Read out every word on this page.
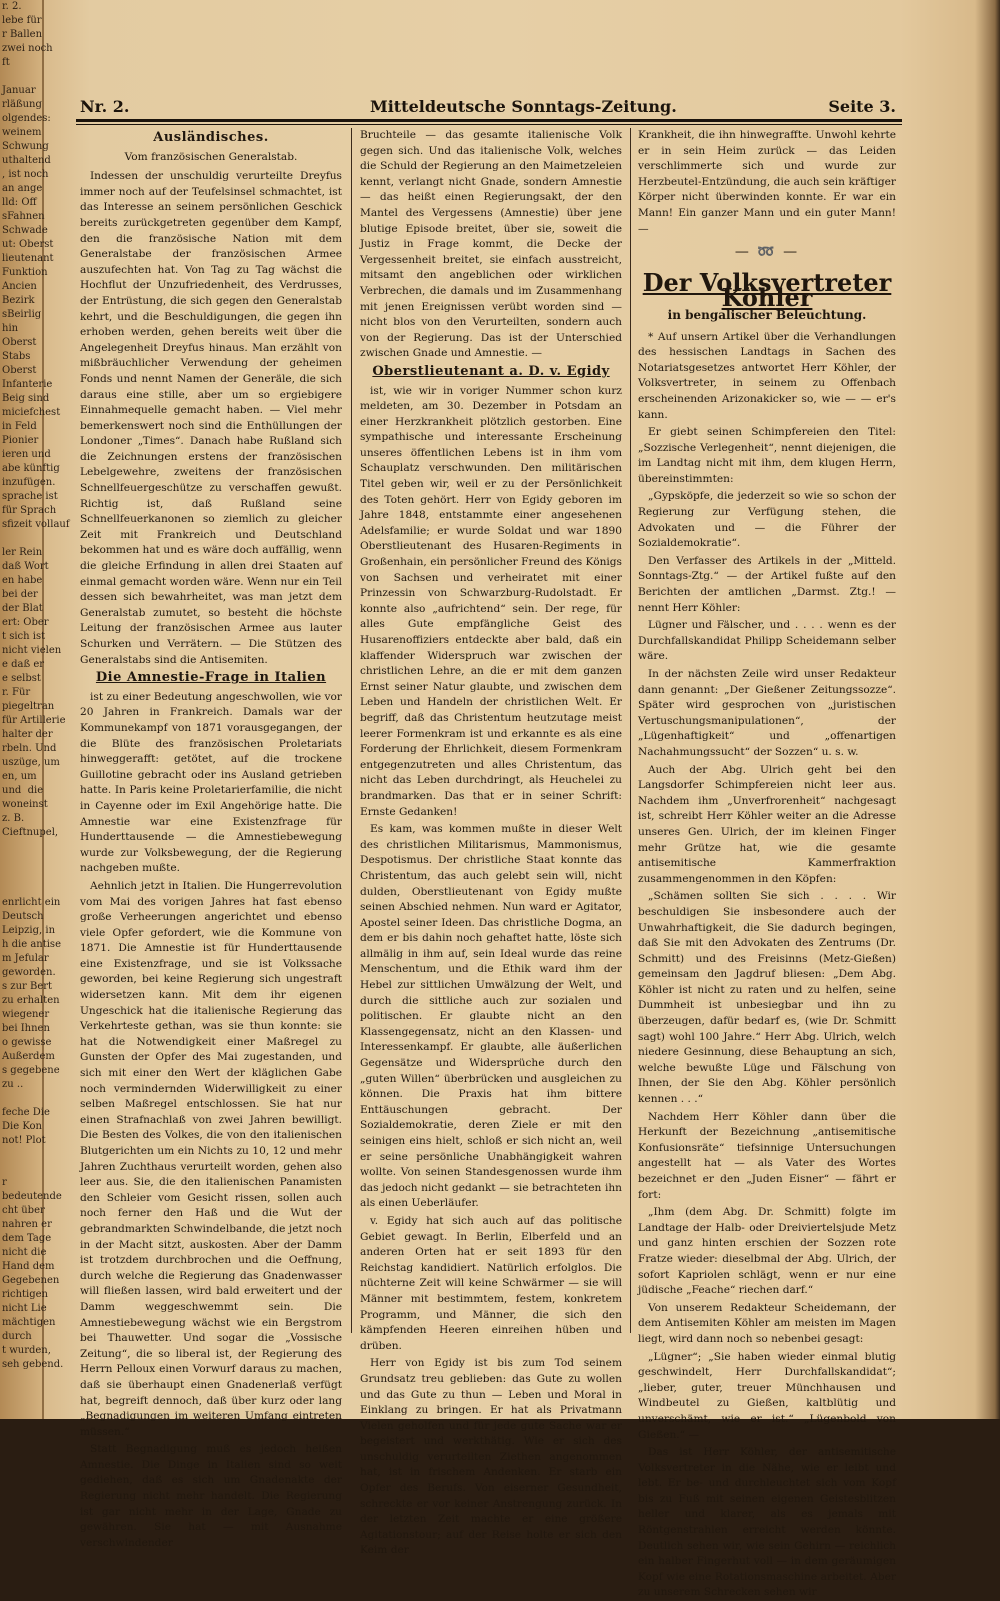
r. 2.
lebe für
r Ballen
zwei noch
ft

Januar
rläßung
olgendes:
weinem
Schwung
uthaltend
, ist noch
an ange
lld: Off
sFahnen
Schwade
ut: Oberst
lieutenant
Funktion
Ancien
Bezirk
sBeirlig
hin
Oberst
Stabs
Oberst
Infanterie
Beig sind
miciefchest
in Feld
Pionier
ieren und
abe künftig
inzufügen.
sprache ist
für Sprach
sfizeit vollauf

ler Rein
daß Wort
en habe
bei der
der Blat
ert: Ober
t sich ist
nicht vielen
e daß er
e selbst
r. Für
piegeltran
für Artillerie
halter der
rbeln. Und
uszüge, um
en, um
und  die
woneinst
z. B.
Cieftnupel,

enrlicht ein
Deutsch
Leipzig, in
h die antise
m Jefular
geworden.
s zur Bert
zu erhalten
wiegener
bei Ihnen
o gewisse
Außerdem
s gegebene
zu ..

feche Die
Die Kon
not! Plot

r
bedeutende
cht über
nahren er
dem Tage
nicht die
Hand dem
Gegebenen
richtigen
nicht Lie
mächtigen
durch
t wurden,
seh gebend.
Nr. 2.	Mitteldeutsche Sonntags-Zeitung.	Seite 3.
Ausländisches.
Vom französischen Generalstab.

Indessen der unschuldig verurteilte Dreyfus immer noch auf der Teufelsinsel schmachtet, ist das Interesse an seinem persönlichen Geschick bereits zurückgetreten gegenüber dem Kampf, den die französische Nation mit dem Generalstabe der französischen Armee auszufechten hat. Von Tag zu Tag wächst die Hochflut der Unzufriedenheit, des Verdrusses, der Entrüstung, die sich gegen den Generalstab kehrt, und die Beschuldigungen, die gegen ihn erhoben werden, gehen bereits weit über die Angelegenheit Dreyfus hinaus. Man erzählt von mißbräuchlicher Verwendung der geheimen Fonds und nennt Namen der Generäle, die sich daraus eine stille, aber um so ergiebigere Einnahmequelle gemacht haben. — Viel mehr bemerkenswert noch sind die Enthüllungen der Londoner „Times“. Danach habe Rußland sich die Zeichnungen erstens der französischen Lebelgewehre, zweitens der französischen Schnellfeuergeschütze zu verschaffen gewußt. Richtig ist, daß Rußland seine Schnellfeuerkanonen so ziemlich zu gleicher Zeit mit Frankreich und Deutschland bekommen hat und es wäre doch auffällig, wenn die gleiche Erfindung in allen drei Staaten auf einmal gemacht worden wäre. Wenn nur ein Teil dessen sich bewahrheitet, was man jetzt dem Generalstab zumutet, so besteht die höchste Leitung der französischen Armee aus lauter Schurken und Verrätern. — Die Stützen des Generalstabs sind die Antisemiten.

Die Amnestie-Frage in Italien

ist zu einer Bedeutung angeschwollen, wie vor 20 Jahren in Frankreich. Damals war der Kommunekampf von 1871 vorausgegangen, der die Blüte des französischen Proletariats hinweggerafft: getötet, auf die trockene Guillotine gebracht oder ins Ausland getrieben hatte. In Paris keine Proletarierfamilie, die nicht in Cayenne oder im Exil Angehörige hatte. Die Amnestie war eine Existenzfrage für Hunderttausende — die Amnestiebewegung wurde zur Volksbewegung, der die Regierung nachgeben mußte.

Aehnlich jetzt in Italien. Die Hungerrevolution vom Mai des vorigen Jahres hat fast ebenso große Verheerungen angerichtet und ebenso viele Opfer gefordert, wie die Kommune von 1871. Die Amnestie ist für Hunderttausende eine Existenzfrage, und sie ist Volkssache geworden, bei keine Regierung sich ungestraft widersetzen kann. Mit dem ihr eigenen Ungeschick hat die italienische Regierung das Verkehrteste gethan, was sie thun konnte: sie hat die Notwendigkeit einer Maßregel zu Gunsten der Opfer des Mai zugestanden, und sich mit einer den Wert der kläglichen Gabe noch vermindernden Widerwilligkeit zu einer selben Maßregel entschlossen. Sie hat nur einen Strafnachlaß von zwei Jahren bewilligt. Die Besten des Volkes, die von den italienischen Blutgerichten um ein Nichts zu 10, 12 und mehr Jahren Zuchthaus verurteilt worden, gehen also leer aus. Sie, die den italienischen Panamisten den Schleier vom Gesicht rissen, sollen auch noch ferner den Haß und die Wut der gebrandmarkten Schwindelbande, die jetzt noch in der Macht sitzt, auskosten. Aber der Damm ist trotzdem durchbrochen und die Oeffnung, durch welche die Regierung das Gnadenwasser will fließen lassen, wird bald erweitert und der Damm weggeschwemmt sein. Die Amnestiebewegung wächst wie ein Bergstrom bei Thauwetter. Und sogar die „Vossische Zeitung“, die so liberal ist, der Regierung des Herrn Pelloux einen Vorwurf daraus zu machen, daß sie überhaupt einen Gnadenerlaß verfügt hat, begreift dennoch, daß über kurz oder lang „Begnadigungen im weiteren Umfang eintreten müssen.“

Statt Begnadigung muß es jedoch heißen Amnestie. Die Dinge in Italien sind so weit gediehen, daß es sich um Gnadenakte der Regierung nicht mehr handelt. Die Regierung ist gar nicht mehr in der Lage, Gnade zu gewähren. Sie hat — mit Ausnahme verschwindender

Bruchteile — das gesamte italienische Volk gegen sich. Und das italienische Volk, welches die Schuld der Regierung an den Maimetzeleien kennt, verlangt nicht Gnade, sondern Amnestie — das heißt einen Regierungsakt, der den Mantel des Vergessens (Amnestie) über jene blutige Episode breitet, über sie, soweit die Justiz in Frage kommt, die Decke der Vergessenheit breitet, sie einfach ausstreicht, mitsamt den angeblichen oder wirklichen Verbrechen, die damals und im Zusammenhang mit jenen Ereignissen verübt worden sind — nicht blos von den Verurteilten, sondern auch von der Regierung. Das ist der Unterschied zwischen Gnade und Amnestie. —

Oberstlieutenant a. D. v. Egidy

ist, wie wir in voriger Nummer schon kurz meldeten, am 30. Dezember in Potsdam an einer Herzkrankheit plötzlich gestorben. Eine sympathische und interessante Erscheinung unseres öffentlichen Lebens ist in ihm vom Schauplatz verschwunden. Den militärischen Titel geben wir, weil er zu der Persönlichkeit des Toten gehört. Herr von Egidy geboren im Jahre 1848, entstammte einer angesehenen Adelsfamilie; er wurde Soldat und war 1890 Oberstlieutenant des Husaren-Regiments in Großenhain, ein persönlicher Freund des Königs von Sachsen und verheiratet mit einer Prinzessin von Schwarzburg-Rudolstadt. Er konnte also „aufrichtend“ sein. Der rege, für alles Gute empfängliche Geist des Husarenoffiziers entdeckte aber bald, daß ein klaffender Widerspruch war zwischen der christlichen Lehre, an die er mit dem ganzen Ernst seiner Natur glaubte, und zwischen dem Leben und Handeln der christlichen Welt. Er begriff, daß das Christentum heutzutage meist leerer Formenkram ist und erkannte es als eine Forderung der Ehrlichkeit, diesem Formenkram entgegenzutreten und alles Christentum, das nicht das Leben durchdringt, als Heuchelei zu brandmarken. Das that er in seiner Schrift: Ernste Gedanken!

Es kam, was kommen mußte in dieser Welt des christlichen Militarismus, Mammonismus, Despotismus. Der christliche Staat konnte das Christentum, das auch gelebt sein will, nicht dulden, Oberstlieutenant von Egidy mußte seinen Abschied nehmen. Nun ward er Agitator, Apostel seiner Ideen. Das christliche Dogma, an dem er bis dahin noch gehaftet hatte, löste sich allmälig in ihm auf, sein Ideal wurde das reine Menschentum, und die Ethik ward ihm der Hebel zur sittlichen Umwälzung der Welt, und durch die sittliche auch zur sozialen und politischen. Er glaubte nicht an den Klassengegensatz, nicht an den Klassen- und Interessenkampf. Er glaubte, alle äußerlichen Gegensätze und Widersprüche durch den „guten Willen“ überbrücken und ausgleichen zu können. Die Praxis hat ihm bittere Enttäuschungen gebracht. Der Sozialdemokratie, deren Ziele er mit den seinigen eins hielt, schloß er sich nicht an, weil er seine persönliche Unabhängigkeit wahren wollte. Von seinen Standesgenossen wurde ihm das jedoch nicht gedankt — sie betrachteten ihn als einen Ueberläufer.

v. Egidy hat sich auch auf das politische Gebiet gewagt. In Berlin, Elberfeld und an anderen Orten hat er seit 1893 für den Reichstag kandidiert. Natürlich erfolglos. Die nüchterne Zeit will keine Schwärmer — sie will Männer mit bestimmtem, festem, konkretem Programm, und Männer, die sich den kämpfenden Heeren einreihen hüben und drüben.

Herr von Egidy ist bis zum Tod seinem Grundsatz treu geblieben: das Gute zu wollen und das Gute zu thun — Leben und Moral in Einklang zu bringen. Er hat als Privatmann Vielen geholfen und für jede gute Sache war er begeistert und werkthätig. Wie er sich des unschuldig verurteilten Ziethen angenommen hat, ist in frischem Andenken. Er starb ein Opfer des Berufs. Von eiserner Gesundheit, schreckte er vor keiner Anstrengung zurück. In der letzten Zeit machte er eine größere Agitationstour; auf der Reise holte er sich den Keim der

Krankheit, die ihn hinwegraffte. Unwohl kehrte er in sein Heim zurück — das Leiden verschlimmerte sich und wurde zur Herzbeutel-Entzündung, die auch sein kräftiger Körper nicht überwinden konnte. Er war ein Mann! Ein ganzer Mann und ein guter Mann! —

— ➿ —
Der Volksvertreter Köhler
in bengalischer Beleuchtung.

* Auf unsern Artikel über die Verhandlungen des hessischen Landtags in Sachen des Notariatsgesetzes antwortet Herr Köhler, der Volksvertreter, in seinem zu Offenbach erscheinenden Arizonakicker so, wie — — er's kann.

Er giebt seinen Schimpfereien den Titel: „Sozzische Verlegenheit“, nennt diejenigen, die im Landtag nicht mit ihm, dem klugen Herrn, übereinstimmten:

„Gypsköpfe, die jederzeit so wie so schon der Regierung zur Verfügung stehen, die Advokaten und — die Führer der Sozialdemokratie“.

Den Verfasser des Artikels in der „Mitteld. Sonntags-Ztg.“ — der Artikel fußte auf den Berichten der amtlichen „Darmst. Ztg.! — nennt Herr Köhler:

Lügner und Fälscher, und . . . . wenn es der Durchfallskandidat Philipp Scheidemann selber wäre.

In der nächsten Zeile wird unser Redakteur dann genannt: „Der Gießener Zeitungssozze“. Später wird gesprochen von „juristischen Vertuschungsmanipulationen“, der „Lügenhaftigkeit“ und „offenartigen Nachahmungssucht“ der Sozzen“ u. s. w.

Auch der Abg. Ulrich geht bei den Langsdorfer Schimpfereien nicht leer aus. Nachdem ihm „Unverfrorenheit“ nachgesagt ist, schreibt Herr Köhler weiter an die Adresse unseres Gen. Ulrich, der im kleinen Finger mehr Grütze hat, wie die gesamte antisemitische Kammerfraktion zusammengenommen in den Köpfen:

„Schämen sollten Sie sich . . . . Wir beschuldigen Sie insbesondere auch der Unwahrhaftigkeit, die Sie dadurch begingen, daß Sie mit den Advokaten des Zentrums (Dr. Schmitt) und des Freisinns (Metz-Gießen) gemeinsam den Jagdruf bliesen: „Dem Abg. Köhler ist nicht zu raten und zu helfen, seine Dummheit ist unbesiegbar und ihn zu überzeugen, dafür bedarf es, (wie Dr. Schmitt sagt) wohl 100 Jahre.“ Herr Abg. Ulrich, welch niedere Gesinnung, diese Behauptung an sich, welche bewußte Lüge und Fälschung von Ihnen, der Sie den Abg. Köhler persönlich kennen . . .“

Nachdem Herr Köhler dann über die Herkunft der Bezeichnung „antisemitische Konfusionsräte“ tiefsinnige Untersuchungen angestellt hat — als Vater des Wortes bezeichnet er den „Juden Eisner“ — fährt er fort:

„Ihm (dem Abg. Dr. Schmitt) folgte im Landtage der Halb- oder Dreiviertelsjude Metz und ganz hinten erschien der Sozzen rote Fratze wieder: dieselbmal der Abg. Ulrich, der sofort Kapriolen schlägt, wenn er nur eine jüdische „Feache“ riechen darf.“

Von unserem Redakteur Scheidemann, der dem Antisemiten Köhler am meisten im Magen liegt, wird dann noch so nebenbei gesagt:

„Lügner“; „Sie haben wieder einmal blutig geschwindelt, Herr Durchfallskandidat“; „lieber, guter, treuer Münchhausen und Windbeutel zu Gießen, kaltblütig und unverschämt, wie er ist.“ „Lügenbold von Gießen.“ —

Das ist Herr Köhler, der antisemitische Volksvertreter in die Nähe, wie er leibt und lebt. Er be- und durchleuchtet sich vom Kopf bis zu Fuß mit seinen eigenen Geistesblitzen heller und klarer, als es jemals mit Röntgenstrahlen erreicht werden könnte. Deutlich sehen wir, wie sein Gehirn — reichlich ein halber Fingerhut voll — in dem geräumigen Kopf wie eine Rotationsmaschine arbeitet. Aber zu unserem Schrecken sehen wir
